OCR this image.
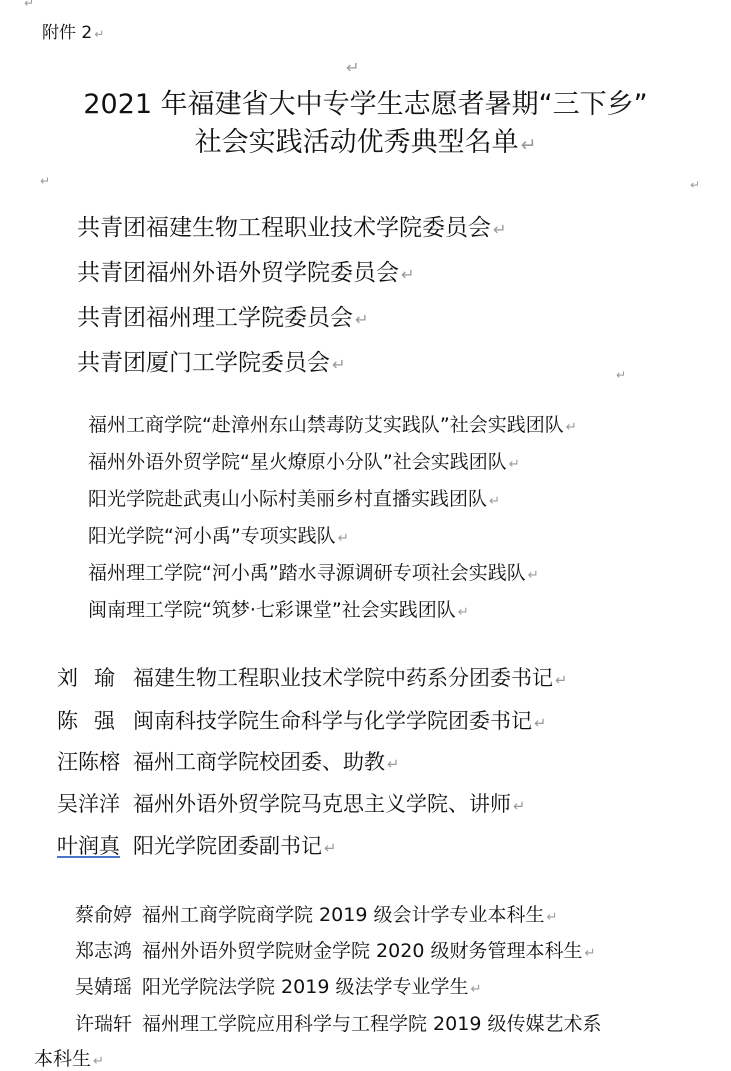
↵
附件 2 ↵
↵
2021 年福建省大中专学生志愿者暑期“三下乡”
社会实践活动优秀典型名单 ↵
↵	↵
共青团福建生物工程职业技术学院委员会 ↵
共青团福州外语外贸学院委员会 ↵
共青团福州理工学院委员会 ↵
共青团厦门工学院委员会 ↵
↵
福州工商学院“赴漳州东山禁毒防艾实践队”社会实践团队 ↵
福州外语外贸学院“星火燎原小分队”社会实践团队 ↵
阳光学院赴武夷山小际村美丽乡村直播实践团队 ↵
阳光学院“河小禹”专项实践队 ↵
福州理工学院“河小禹”踏水寻源调研专项社会实践队 ↵
闽南理工学院“筑梦·七彩课堂”社会实践团队 ↵
刘瑜福建生物工程职业技术学院中药系分团委书记 ↵
陈强闽南科技学院生命科学与化学学院团委书记 ↵
汪陈榕 福州工商学院校团委、助教 ↵
吴洋洋 福州外语外贸学院马克思主义学院、讲师 ↵
叶润真 阳光学院团委副书记 ↵
蔡俞婷 福州工商学院商学院 2019 级会计学专业本科生 ↵
郑志鸿 福州外语外贸学院财金学院 2020 级财务管理本科生 ↵
吴婧瑶 阳光学院法学院 2019 级法学专业学生 ↵
许瑞轩 福州理工学院应用科学与工程学院 2019 级传媒艺术系
本科生 ↵
